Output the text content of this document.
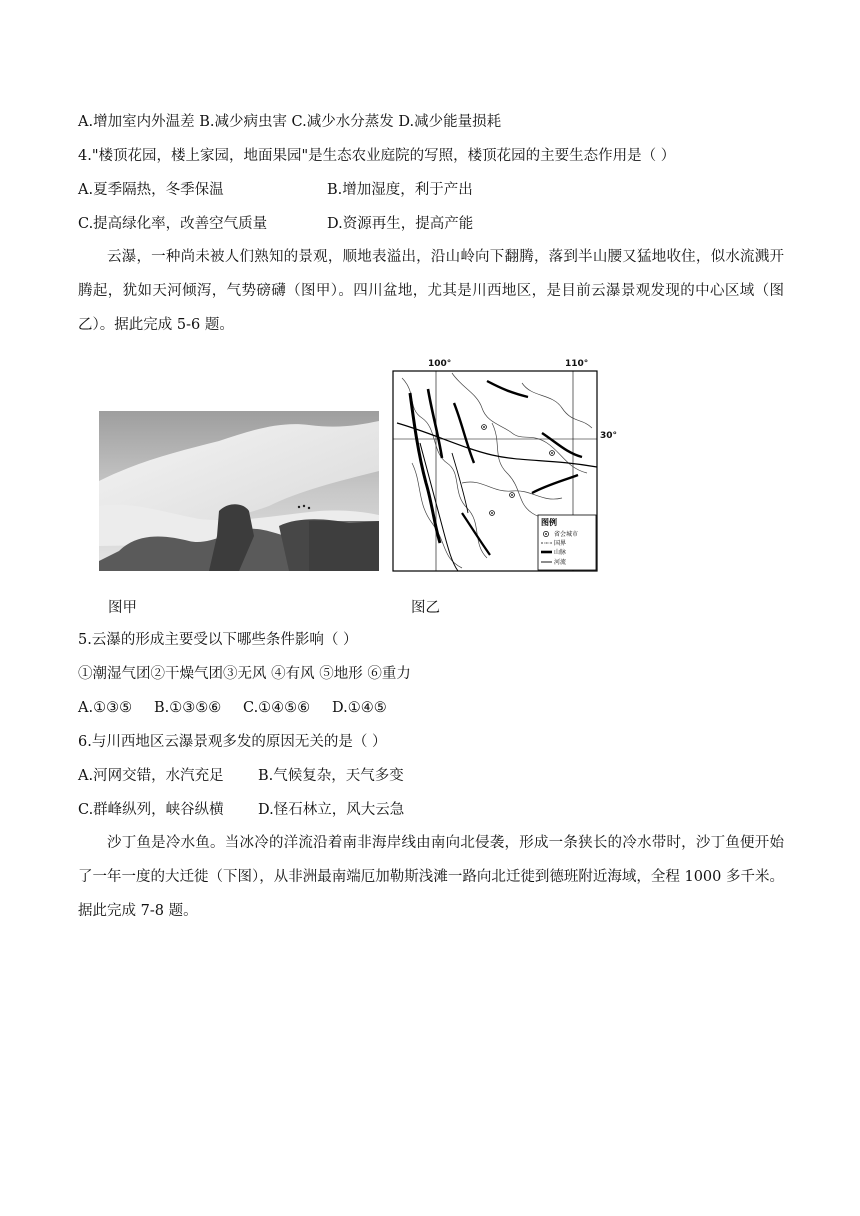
A.增加室内外温差 B.减少病虫害 C.减少水分蒸发 D.减少能量损耗
4."楼顶花园，楼上家园，地面果园"是生态农业庭院的写照，楼顶花园的主要生态作用是（ ）
A.夏季隔热，冬季保温	B.增加湿度，利于产出
C.提高绿化率，改善空气质量	D.资源再生，提高产能
云瀑，一种尚未被人们熟知的景观，顺地表溢出，沿山岭向下翻腾，落到半山腰又猛地收住，似水流溅开腾起，犹如天河倾泻，气势磅礴（图甲）。四川盆地，尤其是川西地区，是目前云瀑景观发现的中心区域（图乙）。据此完成 5-6 题。
图例
省会城市
国界
山脉
河流
100°	110°
30°
图甲	图乙
5.云瀑的形成主要受以下哪些条件影响（ ）
①潮湿气团②干燥气团③无风 ④有风 ⑤地形 ⑥重力
A.①③⑤ B.①③⑤⑥ C.①④⑤⑥ D.①④⑤
6.与川西地区云瀑景观多发的原因无关的是（ ）
A.河网交错，水汽充足 B.气候复杂，天气多变
C.群峰纵列，峡谷纵横 D.怪石林立，风大云急
沙丁鱼是冷水鱼。当冰冷的洋流沿着南非海岸线由南向北侵袭，形成一条狭长的冷水带时，沙丁鱼便开始了一年一度的大迁徙（下图），从非洲最南端厄加勒斯浅滩一路向北迁徙到德班附近海域，全程 1000 多千米。据此完成 7-8 题。
